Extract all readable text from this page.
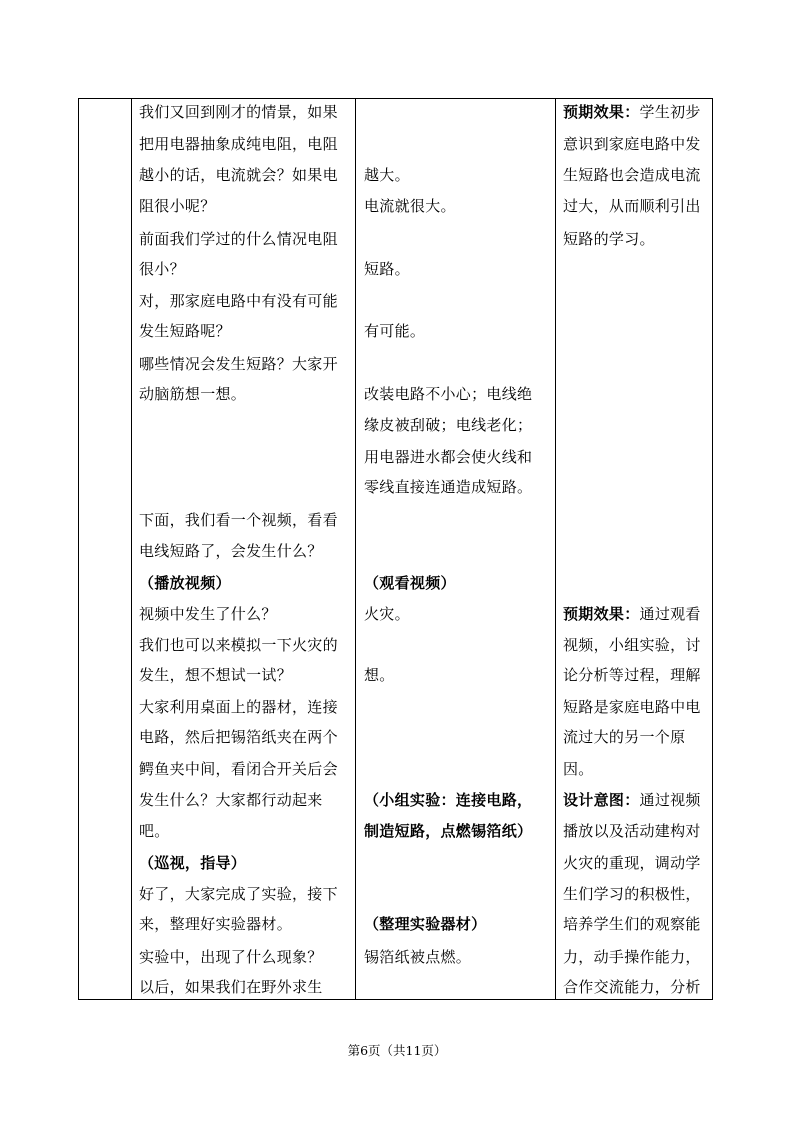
我们又回到刚才的情景，如果
把用电器抽象成纯电阻，电阻
越小的话，电流就会？如果电
阻很小呢？
前面我们学过的什么情况电阻
很小？
对，那家庭电路中有没有可能
发生短路呢？
哪些情况会发生短路？大家开
动脑筋想一想。
下面，我们看一个视频，看看
电线短路了，会发生什么？
（播放视频）
视频中发生了什么？
我们也可以来模拟一下火灾的
发生，想不想试一试？
大家利用桌面上的器材，连接
电路，然后把锡箔纸夹在两个
鳄鱼夹中间，看闭合开关后会
发生什么？大家都行动起来
吧。
（巡视，指导）
好了，大家完成了实验，接下
来，整理好实验器材。
实验中，出现了什么现象？
以后，如果我们在野外求生
越大。
电流就很大。
短路。
有可能。
改装电路不小心；电线绝
缘皮被刮破；电线老化；
用电器进水都会使火线和
零线直接连通造成短路。
（观看视频）
火灾。
想。
（小组实验：连接电路，
制造短路，点燃锡箔纸）
（整理实验器材）
锡箔纸被点燃。
预期效果：学生初步
意识到家庭电路中发
生短路也会造成电流
过大，从而顺利引出
短路的学习。
预期效果：通过观看
视频，小组实验，讨
论分析等过程，理解
短路是家庭电路中电
流过大的另一个原
因。
设计意图：通过视频
播放以及活动建构对
火灾的重现，调动学
生们学习的积极性，
培养学生们的观察能
力，动手操作能力，
合作交流能力，分析
第6页（共11页）
